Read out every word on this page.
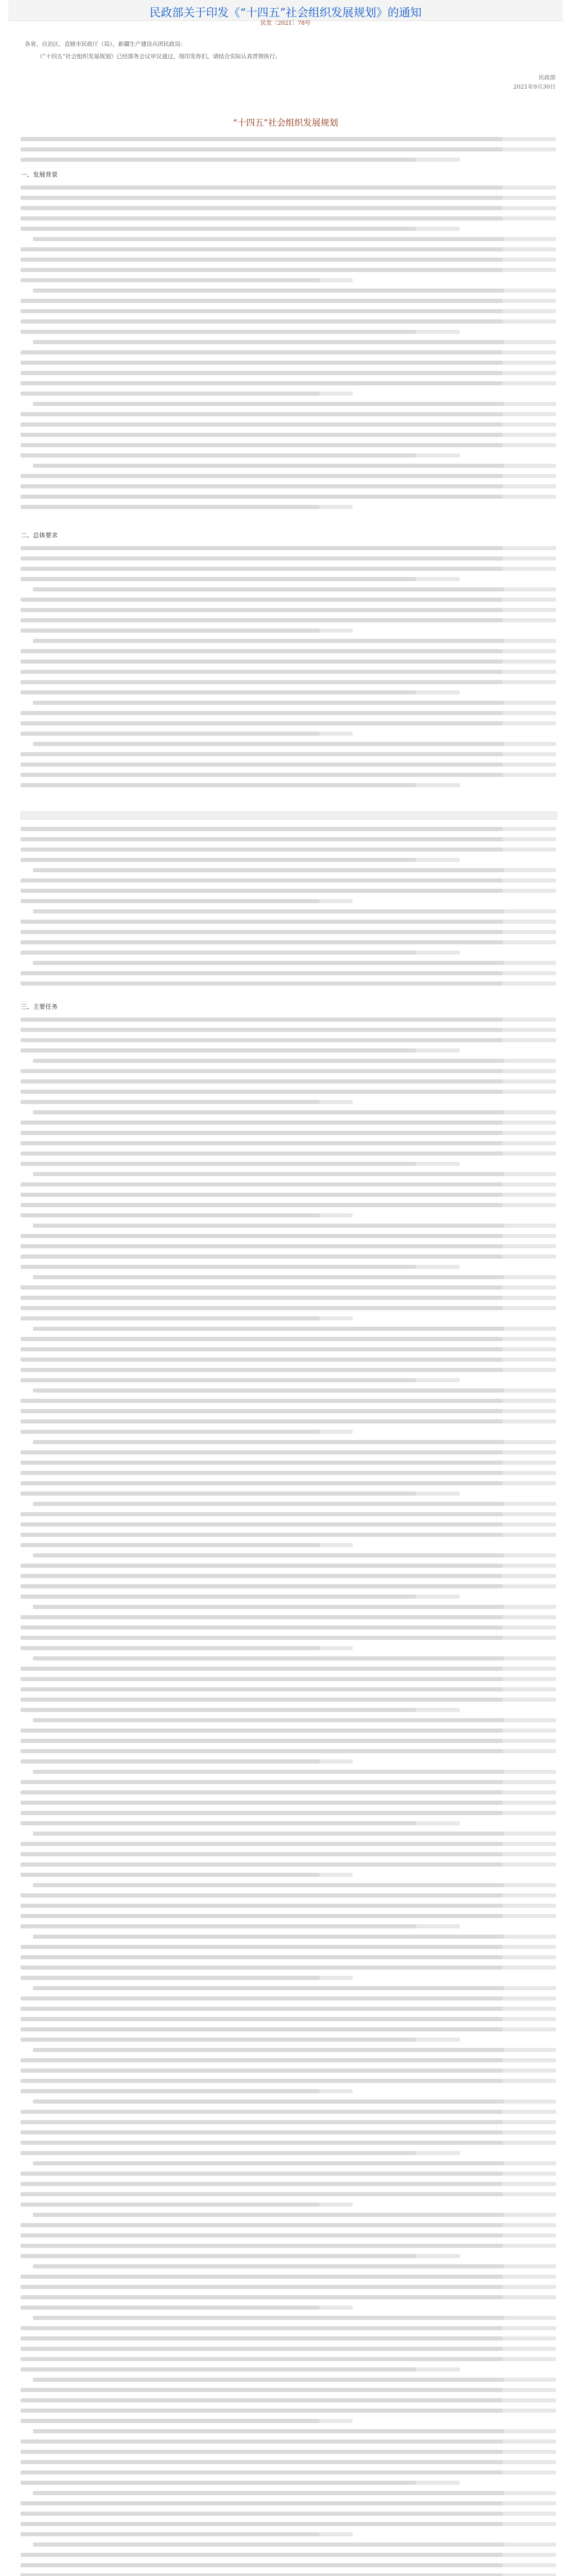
民政部关于印发《“十四五”社会组织发展规划》的通知
民发〔2021〕78号

各省、自治区、直辖市民政厅（局），新疆生产建设兵团民政局：

《“十四五”社会组织发展规划》已经部务会议审议通过，现印发你们，请结合实际认真贯彻执行。

民政部
2021年9月30日
“十四五”社会组织发展规划
一、发展背景
二、总体要求
三、主要任务
